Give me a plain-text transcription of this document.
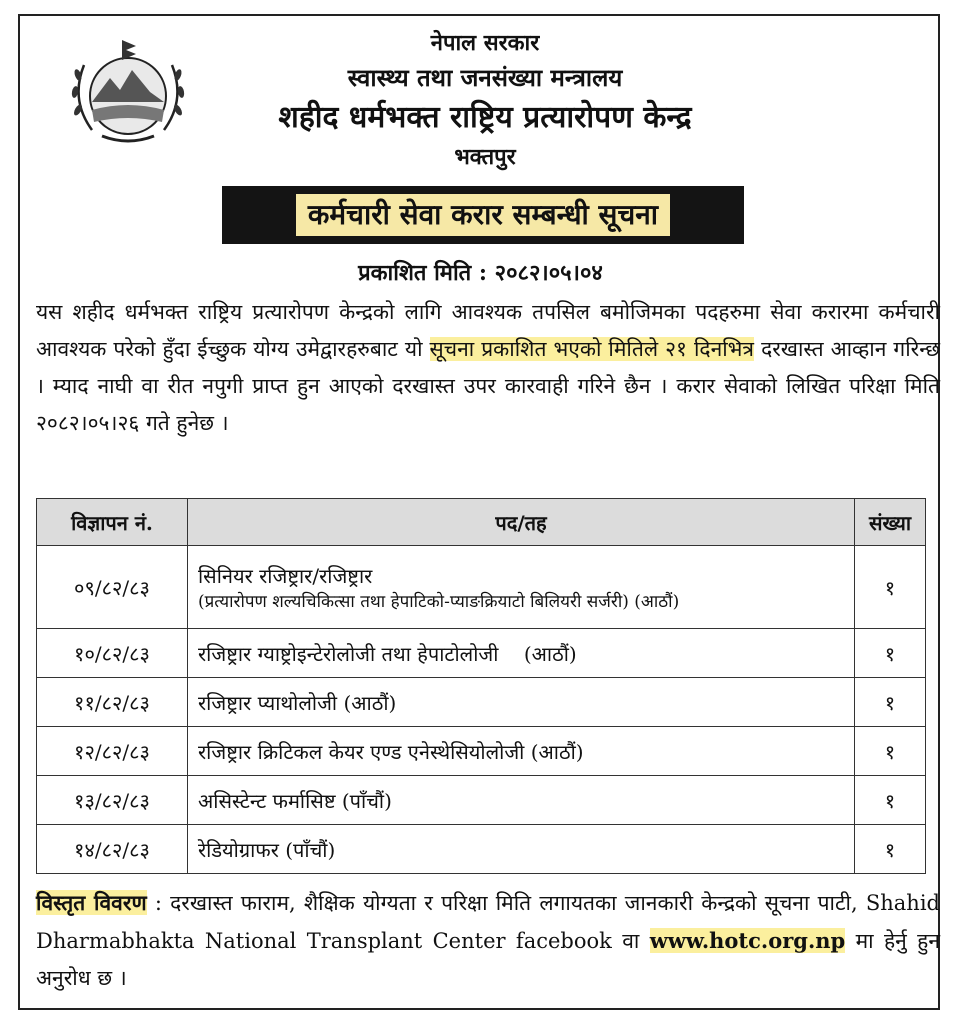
नेपाल सरकार
स्वास्थ्य तथा जनसंख्या मन्त्रालय
शहीद धर्मभक्त राष्ट्रिय प्रत्यारोपण केन्द्र
भक्तपुर
कर्मचारी सेवा करार सम्बन्धी सूचना
प्रकाशित मिति : २०८२।०५।०४
यस शहीद धर्मभक्त राष्ट्रिय प्रत्यारोपण केन्द्रको लागि आवश्यक तपसिल बमोजिमका पदहरुमा सेवा करारमा कर्मचारी आवश्यक परेको हुँदा ईच्छुक योग्य उमेद्वारहरुबाट यो सूचना प्रकाशित भएको मितिले २१ दिनभित्र दरखास्त आव्हान गरिन्छ । म्याद नाघी वा रीत नपुगी प्राप्त हुन आएको दरखास्त उपर कारवाही गरिने छैन । करार सेवाको लिखित परिक्षा मिति २०८२।०५।२६ गते हुनेछ ।
विज्ञापन नं.	पद/तह	संख्या
०९/८२/८३	सिनियर रजिष्ट्रार/रजिष्ट्रार
(प्रत्यारोपण शल्यचिकित्सा तथा हेपाटिको-प्याङक्रियाटो बिलियरी सर्जरी) (आठौं)	१
१०/८२/८३	रजिष्ट्रार ग्याष्ट्रोइन्टेरोलोजी तथा हेपाटोलोजी    (आठौं)	१
११/८२/८३	रजिष्ट्रार प्याथोलोजी (आठौं)	१
१२/८२/८३	रजिष्ट्रार क्रिटिकल केयर एण्ड एनेस्थेसियोलोजी (आठौं)	१
१३/८२/८३	असिस्टेन्ट फर्मासिष्ट (पाँचौं)	१
१४/८२/८३	रेडियोग्राफर (पाँचौं)	१
विस्तृत विवरण : दरखास्त फाराम, शैक्षिक योग्यता र परिक्षा मिति लगायतका जानकारी केन्द्रको सूचना पाटी, Shahid Dharmabhakta National Transplant Center facebook वा www.hotc.org.np मा हेर्नु हुन अनुरोध छ ।
